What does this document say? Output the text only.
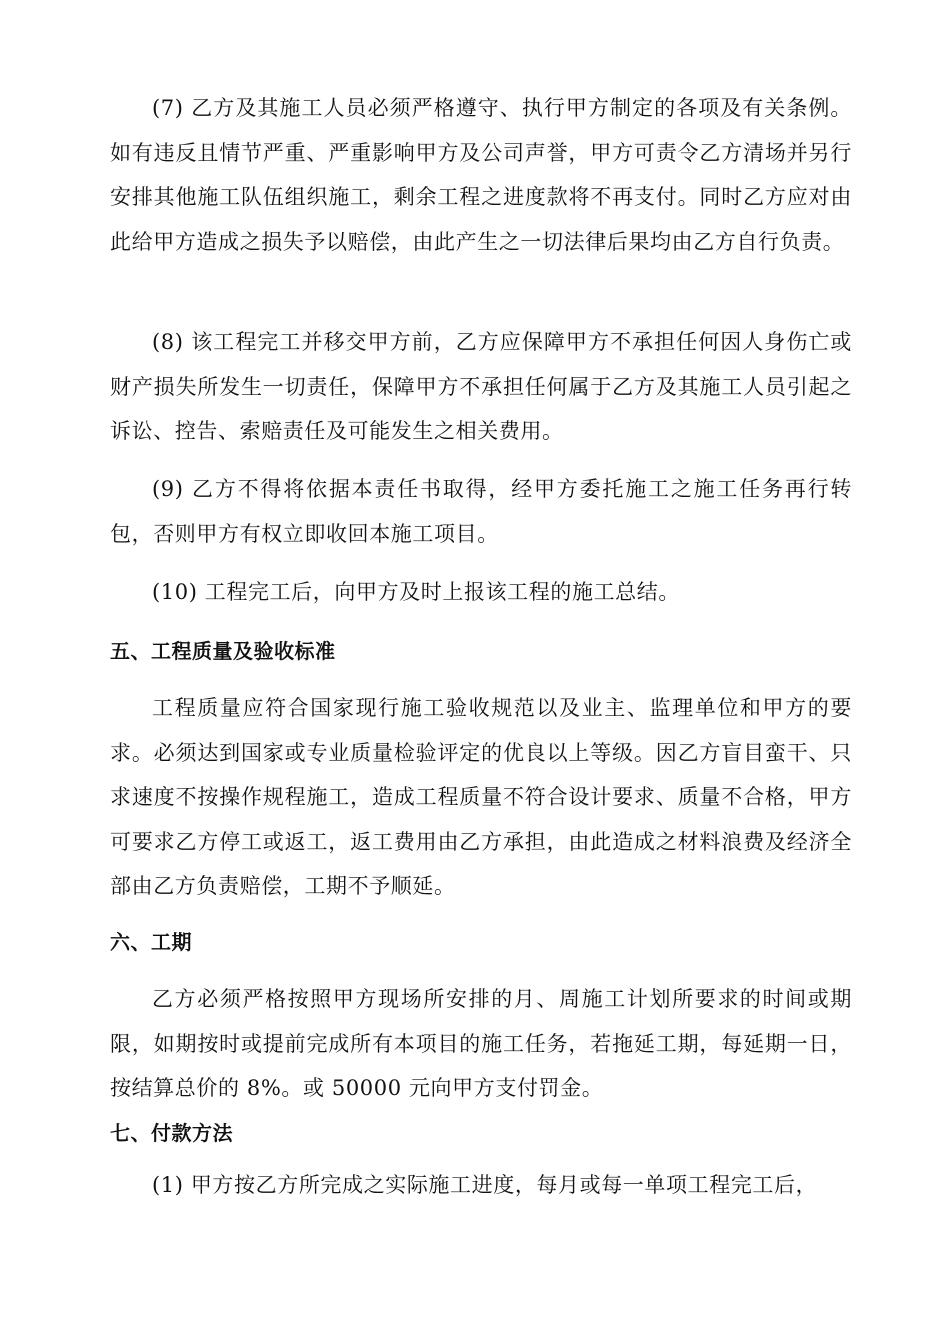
(7) 乙方及其施工人员必须严格遵守、执行甲方制定的各项及有关条例。如有违反且情节严重、严重影响甲方及公司声誉，甲方可责令乙方清场并另行安排其他施工队伍组织施工，剩余工程之进度款将不再支付。同时乙方应对由此给甲方造成之损失予以赔偿，由此产生之一切法律后果均由乙方自行负责。

(8) 该工程完工并移交甲方前，乙方应保障甲方不承担任何因人身伤亡或财产损失所发生一切责任，保障甲方不承担任何属于乙方及其施工人员引起之诉讼、控告、索赔责任及可能发生之相关费用。

(9) 乙方不得将依据本责任书取得，经甲方委托施工之施工任务再行转包，否则甲方有权立即收回本施工项目。

(10) 工程完工后，向甲方及时上报该工程的施工总结。

五、工程质量及验收标准

工程质量应符合国家现行施工验收规范以及业主、监理单位和甲方的要求。必须达到国家或专业质量检验评定的优良以上等级。因乙方盲目蛮干、只求速度不按操作规程施工，造成工程质量不符合设计要求、质量不合格，甲方可要求乙方停工或返工，返工费用由乙方承担，由此造成之材料浪费及经济全部由乙方负责赔偿，工期不予顺延。

六、工期

乙方必须严格按照甲方现场所安排的月、周施工计划所要求的时间或期限，如期按时或提前完成所有本项目的施工任务，若拖延工期，每延期一日，按结算总价的 8%。或 50000 元向甲方支付罚金。

七、付款方法

(1) 甲方按乙方所完成之实际施工进度，每月或每一单项工程完工后，
